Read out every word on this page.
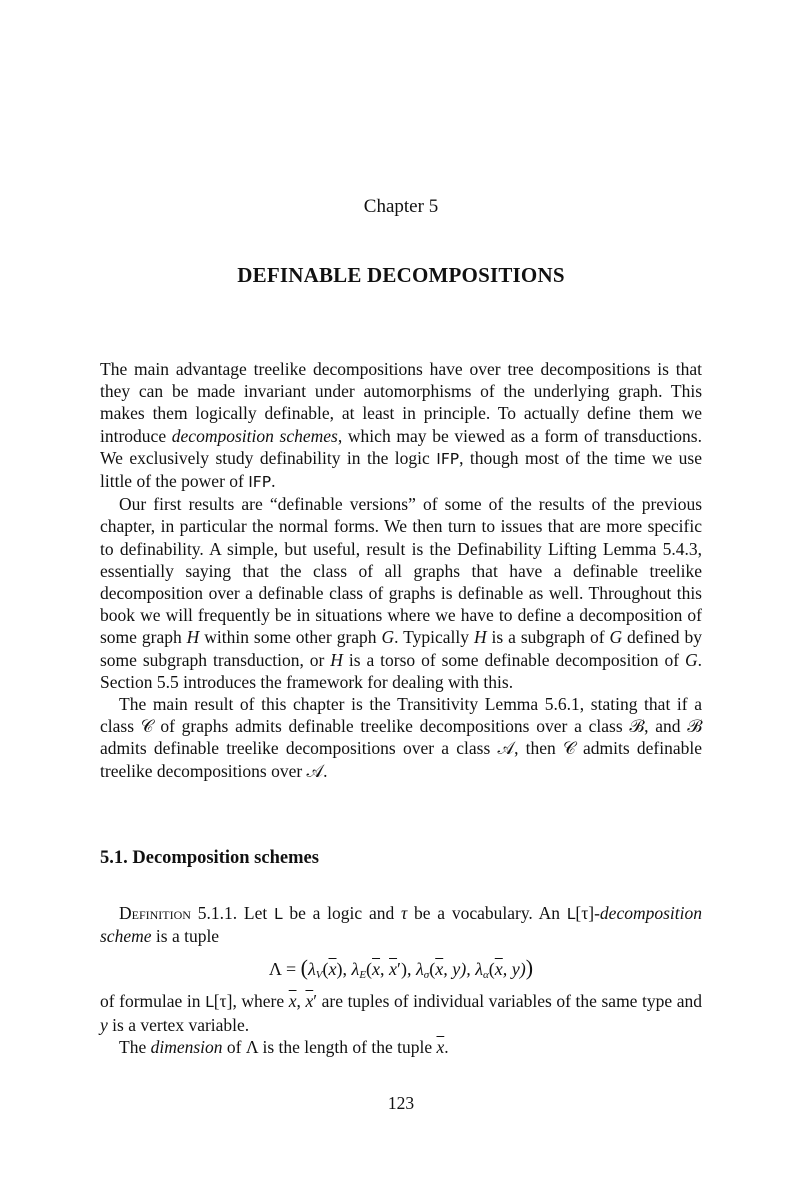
Chapter 5
DEFINABLE DECOMPOSITIONS

The main advantage treelike decompositions have over tree decompositions is that they can be made invariant under automorphisms of the underlying graph. This makes them logically definable, at least in principle. To actually define them we introduce decomposition schemes, which may be viewed as a form of transductions. We exclusively study definability in the logic IFP, though most of the time we use little of the power of IFP.

Our first results are “definable versions” of some of the results of the previous chapter, in particular the normal forms. We then turn to issues that are more specific to definability. A simple, but useful, result is the Definability Lifting Lemma 5.4.3, essentially saying that the class of all graphs that have a definable treelike decomposition over a definable class of graphs is definable as well. Throughout this book we will frequently be in situations where we have to define a decomposition of some graph H within some other graph G. Typically H is a subgraph of G defined by some subgraph transduction, or H is a torso of some definable decomposition of G. Section 5.5 introduces the framework for dealing with this.

The main result of this chapter is the Transitivity Lemma 5.6.1, stating that if a class 𝒞 of graphs admits definable treelike decompositions over a class ℬ, and ℬ admits definable treelike decompositions over a class 𝒜, then 𝒞 admits definable treelike decompositions over 𝒜.

5.1. Decomposition schemes

Definition 5.1.1. Let L be a logic and τ be a vocabulary. An L[τ]-decomposition scheme is a tuple

$\Lambda = (\lambda_V(\overline{x})$, $\lambda_E(\overline{x}$, $\overline{x}'$), $\lambda_\sigma(\overline{x}$, y), $\lambda_\alpha(\overline{x}$, y))

of formulae in L[τ], where $\overline{x}$, $\overline{x}'$ are tuples of individual variables of the same type and y is a vertex variable.

The dimension of Λ is the length of the tuple $\overline{x}$.

123
